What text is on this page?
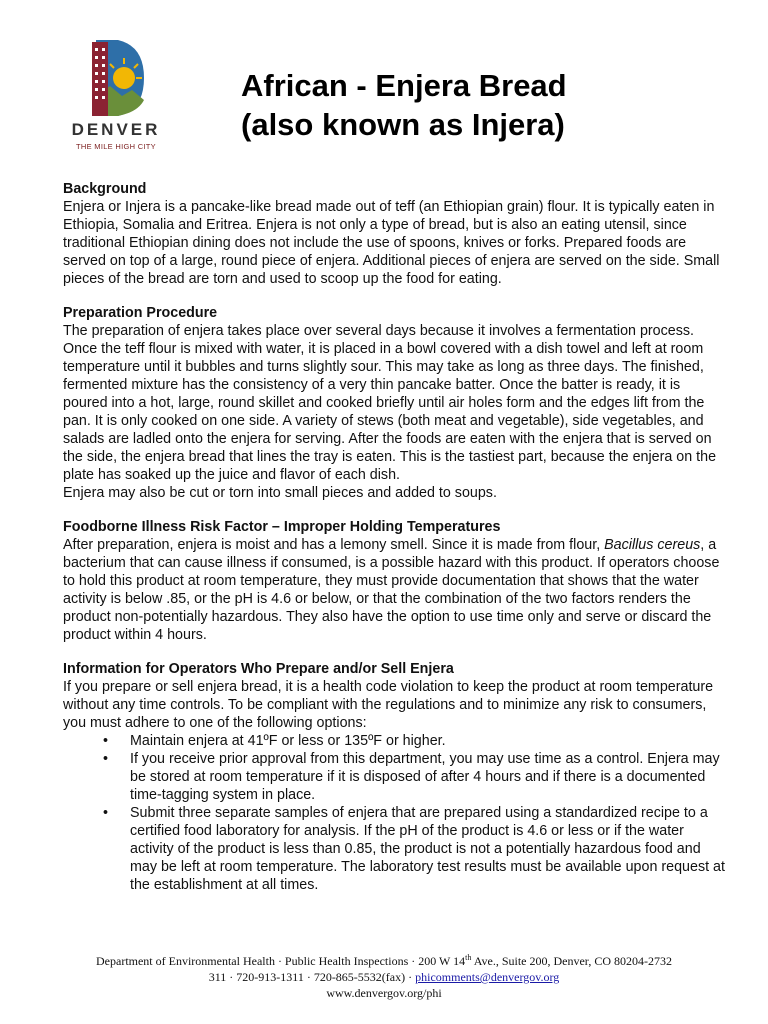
DENVER
THE MILE HIGH CITY
African - Enjera Bread
(also known as Injera)
Background

Enjera or Injera is a pancake-like bread made out of teff (an Ethiopian grain) flour. It is typically eaten in Ethiopia, Somalia and Eritrea. Enjera is not only a type of bread, but is also an eating utensil, since traditional Ethiopian dining does not include the use of spoons, knives or forks. Prepared foods are served on top of a large, round piece of enjera. Additional pieces of enjera are served on the side. Small pieces of the bread are torn and used to scoop up the food for eating.

Preparation Procedure

The preparation of enjera takes place over several days because it involves a fermentation process. Once the teff flour is mixed with water, it is placed in a bowl covered with a dish towel and left at room temperature until it bubbles and turns slightly sour. This may take as long as three days. The finished, fermented mixture has the consistency of a very thin pancake batter. Once the batter is ready, it is poured into a hot, large, round skillet and cooked briefly until air holes form and the edges lift from the pan. It is only cooked on one side. A variety of stews (both meat and vegetable), side vegetables, and salads are ladled onto the enjera for serving. After the foods are eaten with the enjera that is served on the side, the enjera bread that lines the tray is eaten. This is the tastiest part, because the enjera on the plate has soaked up the juice and flavor of each dish.

Enjera may also be cut or torn into small pieces and added to soups.

Foodborne Illness Risk Factor – Improper Holding Temperatures

After preparation, enjera is moist and has a lemony smell. Since it is made from flour, Bacillus cereus, a bacterium that can cause illness if consumed, is a possible hazard with this product. If operators choose to hold this product at room temperature, they must provide documentation that shows that the water activity is below .85, or the pH is 4.6 or below, or that the combination of the two factors renders the product non-potentially hazardous. They also have the option to use time only and serve or discard the product within 4 hours.

Information for Operators Who Prepare and/or Sell Enjera

If you prepare or sell enjera bread, it is a health code violation to keep the product at room temperature without any time controls. To be compliant with the regulations and to minimize any risk to consumers, you must adhere to one of the following options:

• Maintain enjera at 41ºF or less or 135ºF or higher.
• If you receive prior approval from this department, you may use time as a control. Enjera may be stored at room temperature if it is disposed of after 4 hours and if there is a documented time-tagging system in place.
• Submit three separate samples of enjera that are prepared using a standardized recipe to a certified food laboratory for analysis. If the pH of the product is 4.6 or less or if the water activity of the product is less than 0.85, the product is not a potentially hazardous food and may be left at room temperature. The laboratory test results must be available upon request at the establishment at all times.
Department of Environmental Health · Public Health Inspections · 200 W 14th Ave., Suite 200, Denver, CO 80204-2732
311 · 720-913-1311 · 720-865-5532(fax) · phicomments@denvergov.org
www.denvergov.org/phi
